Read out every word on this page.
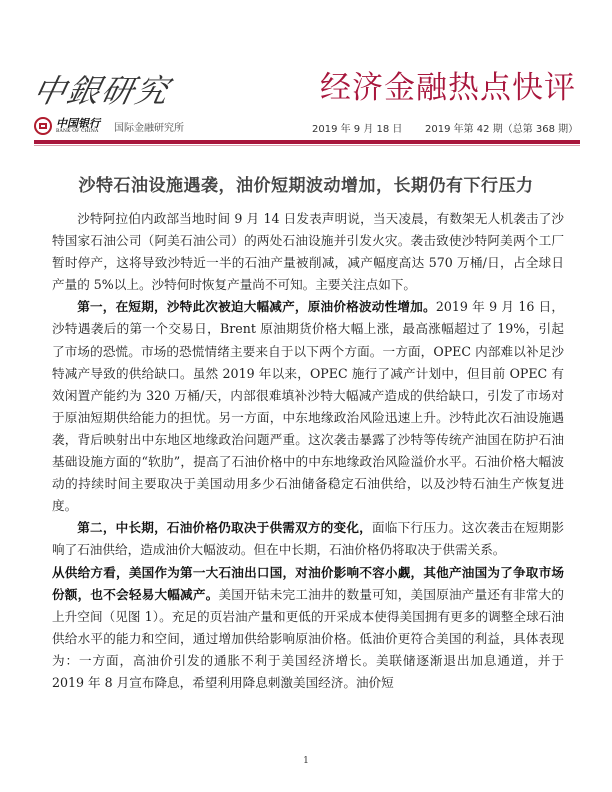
中銀研究	经济金融热点快评
中国银行
BANK OF CHINA 国际金融研究所	2019 年 9 月 18 日 2019 年第 42 期（总第 368 期）
沙特石油设施遇袭，油价短期波动增加，长期仍有下行压力

沙特阿拉伯内政部当地时间 9 月 14 日发表声明说，当天凌晨，有数架无人机袭击了沙特国家石油公司（阿美石油公司）的两处石油设施并引发火灾。袭击致使沙特阿美两个工厂暂时停产，这将导致沙特近一半的石油产量被削减，减产幅度高达 570 万桶/日，占全球日产量的 5%以上。沙特何时恢复产量尚不可知。主要关注点如下。

第一，在短期，沙特此次被迫大幅减产，原油价格波动性增加。2019 年 9 月 16 日，沙特遇袭后的第一个交易日，Brent 原油期货价格大幅上涨，最高涨幅超过了 19%，引起了市场的恐慌。市场的恐慌情绪主要来自于以下两个方面。一方面，OPEC 内部难以补足沙特减产导致的供给缺口。虽然 2019 年以来，OPEC 施行了减产计划中，但目前 OPEC 有效闲置产能约为 320 万桶/天，内部很难填补沙特大幅减产造成的供给缺口，引发了市场对于原油短期供给能力的担忧。另一方面，中东地缘政治风险迅速上升。沙特此次石油设施遇袭，背后映射出中东地区地缘政治问题严重。这次袭击暴露了沙特等传统产油国在防护石油基础设施方面的“软肋”，提高了石油价格中的中东地缘政治风险溢价水平。石油价格大幅波动的持续时间主要取决于美国动用多少石油储备稳定石油供给，以及沙特石油生产恢复进度。

第二，中长期，石油价格仍取决于供需双方的变化，面临下行压力。这次袭击在短期影响了石油供给，造成油价大幅波动。但在中长期，石油价格仍将取决于供需关系。

从供给方看，美国作为第一大石油出口国，对油价影响不容小觑，其他产油国为了争取市场份额，也不会轻易大幅减产。美国开钻未完工油井的数量可知，美国原油产量还有非常大的上升空间（见图 1）。充足的页岩油产量和更低的开采成本使得美国拥有更多的调整全球石油供给水平的能力和空间，通过增加供给影响原油价格。低油价更符合美国的利益，具体表现为：一方面，高油价引发的通胀不利于美国经济增长。美联储逐渐退出加息通道，并于 2019 年 8 月宣布降息，希望利用降息刺激美国经济。油价短

1
